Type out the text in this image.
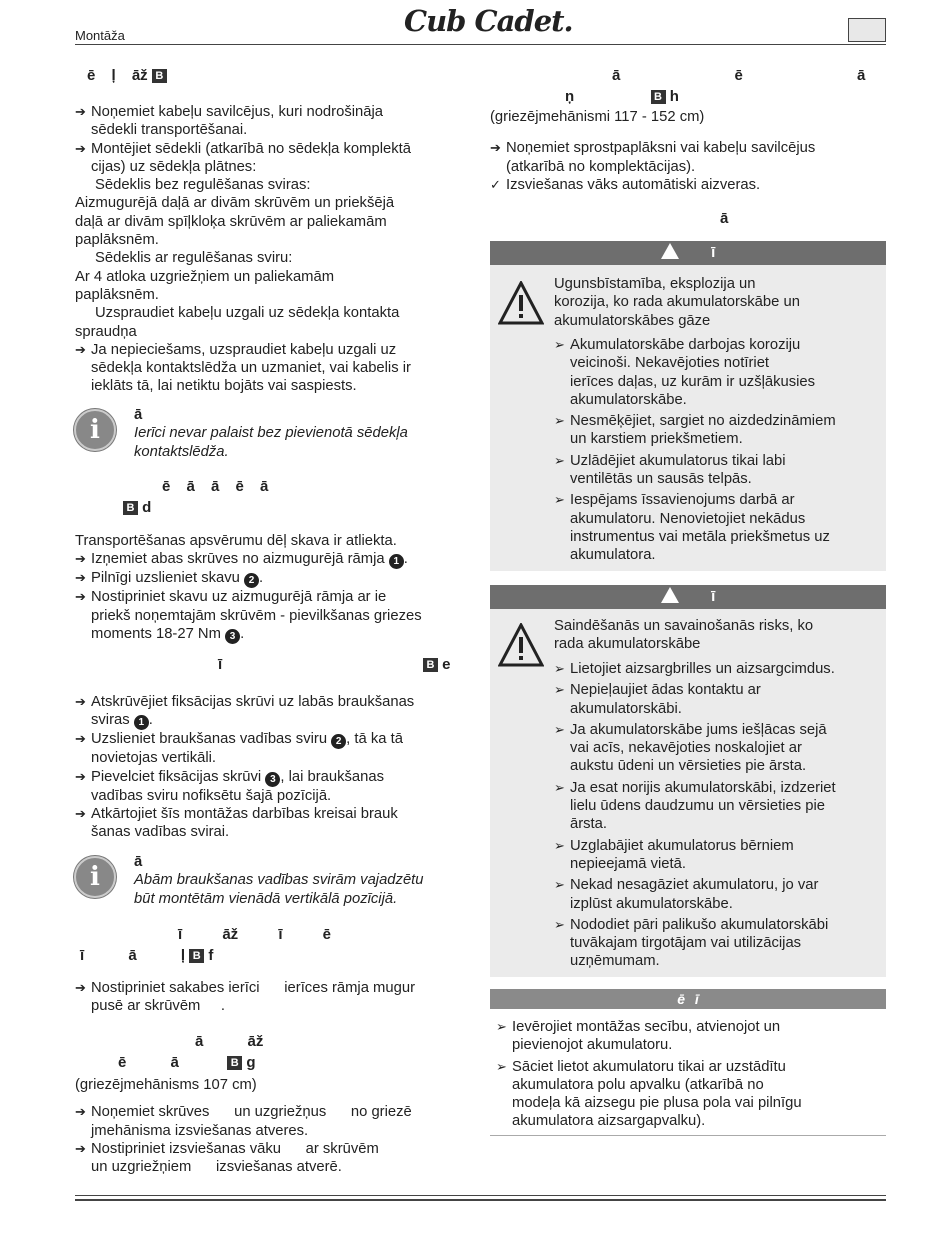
Montāža	Cub Cadet.
ē ļ āž B
➔ Noņemiet kabeļu savilcējus, kuri nodrošinājа
sēdekli transportēšanai.
➔ Montējiet sēdekli (atkarībā no sēdekļa komplektā
cijas) uz sēdekļa plātnes:
Sēdeklis bez regulēšanas sviras:
Aizmugurējā daļā ar divām skrūvēm un priekšējā
daļā ar divām spīļkloķa skrūvēm ar paliekamām
paplāksnēm.
Sēdeklis ar regulēšanas sviru:
Ar 4 atloka uzgriežņiem un paliekamām
paplāksnēm.
Uzspraudiet kabeļu uzgali uz sēdekļa kontakta
spraudņa
➔ Ja nepieciešams, uzspraudiet kabeļu uzgali uz
sēdekļa kontaktslēdža un uzmaniet, vai kabelis ir
ieklāts tā, lai netiktu bojāts vai saspiests.
i	ā
Ierīci nevar palaist bez pievienotā sēdekļa
kontaktslēdža.
ē ā ā ē ā
B d
Transportēšanas apsvērumu dēļ skava ir atliekta.
➔ Izņemiet abas skrūves no aizmugurējā rāmja 1 .
➔ Pilnīgi uzslieniet skavu 2 .
➔ Nostipriniet skavu uz aizmugurējā rāmja ar ie
priekš noņemtajām skrūvēm - pievilkšanas griezes
moments 18-27 Nm 3 .
ī	B e
➔ Atskrūvējiet fiksācijas skrūvi uz labās braukšanas
sviras 1 .
➔ Uzslieniet braukšanas vadības sviru 2 , tā ka tā
novietojas vertikāli.
➔ Pievelciet fiksācijas skrūvi 3 , lai braukšanas
vadības sviru nofiksētu šajā pozīcijā.
➔ Atkārtojiet šīs montāžas darbības kreisai brauk
šanas vadības svirai.
i	ā
Abām braukšanas vadības svirām vajadzētu
būt montētām vienādā vertikālā pozīcijā.
ī āž ī ē
ī ā ļ B f
➔ Nostipriniet sakabes ierīci      ierīces rāmja mugur
pusē ar skrūvēm     .
ā āž
ē ā	B g
(griezējmehānisms 107 cm)
➔ Noņemiet skrūves      un uzgriežņus      no griezē
jmehānisma izsviešanas atveres.
➔ Nostipriniet izsviešanas vāku      ar skrūvēm
un uzgriežņiem      izsviešanas atverē.
ā ē ā
ņ	B h
(griezējmehānismi 117 - 152 cm)
➔ Noņemiet sprostpaplāksni vai kabeļu savilcējus
(atkarībā no komplektācijas).
✓ Izsviešanas vāks automātiski aizveras.
ā
ī
Ugunsbīstamība, eksplozija un
korozija, ko rada akumulatorskābe un
akumulatorskābes gāze
➢ Akumulatorskābe darbojas koroziju
veicinoši. Nekavējoties notīriet
ierīces daļas, uz kurām ir uzšļākusies
akumulatorskābe.
➢ Nesmēķējiet, sargiet no aizdedzināmiem
un karstiem priekšmetiem.
➢ Uzlādējiet akumulatorus tikai labi
ventilētās un sausās telpās.
➢ Iespējams īssavienojums darbā ar
akumulatoru. Nenovietojiet nekādus
instrumentus vai metāla priekšmetus uz
akumulatora.
ī
Saindēšanās un savainošanās risks, ko
rada akumulatorskābe
➢ Lietojiet aizsargbrilles un aizsargcimdus.
➢ Nepieļaujiet ādas kontaktu ar
akumulatorskābi.
➢ Ja akumulatorskābe jums iešļācas sejā
vai acīs, nekavējoties noskalojiet ar
aukstu ūdeni un vērsieties pie ārsta.
➢ Ja esat norijis akumulatorskābi, izdzeriet
lielu ūdens daudzumu un vērsieties pie
ārsta.
➢ Uzglabājiet akumulatorus bērniem
nepieejamā vietā.
➢ Nekad nesagāziet akumulatoru, jo var
izplūst akumulatorskābe.
➢ Nododiet pāri palikušo akumulatorskābi
tuvākajam tirgotājam vai utilizācijas
uzņēmumam.
ē ī
➢ Ievērojiet montāžas secību, atvienojot un
pievienojot akumulatoru.
➢ Sāciet lietot akumulatoru tikai ar uzstādītu
akumulatora polu apvalku (atkarībā no
modeļa kā aizsegu pie plusa pola vai pilnīgu
akumulatora aizsargapvalku).
